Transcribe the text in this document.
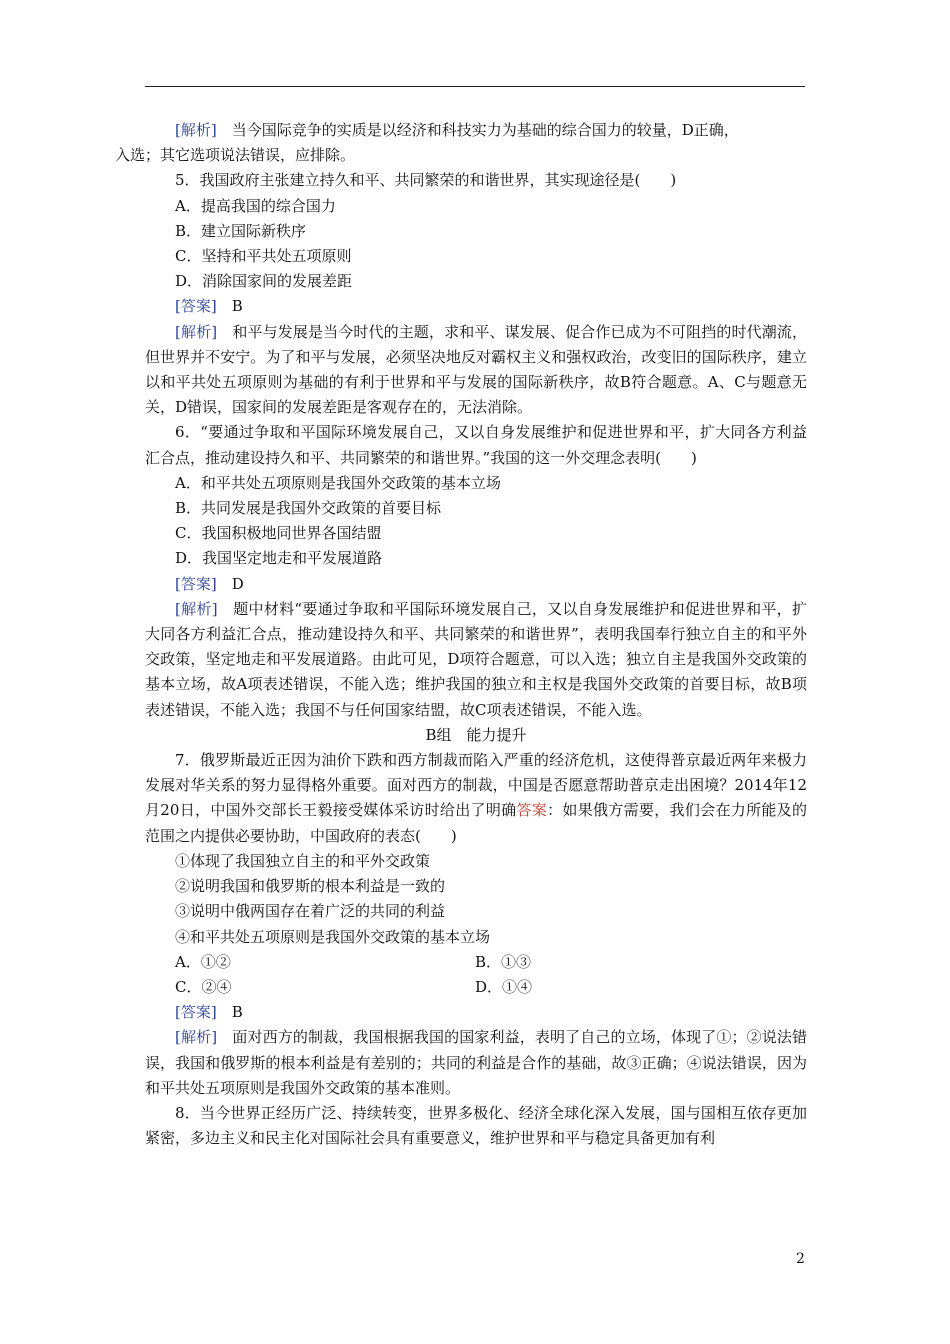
[解析]　 当今国际竞争的实质是以经济和科技实力为基础的综合国力的较量，D正确，
入选；其它选项说法错误，应排除。

5．我国政府主张建立持久和平、共同繁荣的和谐世界，其实现途径是(　　)

A．提高我国的综合国力

B．建立国际新秩序

C．坚持和平共处五项原则

D．消除国家间的发展差距

[答案]　 B

[解析]　 和平与发展是当今时代的主题，求和平、谋发展、促合作已成为不可阻挡的时代潮流，但世界并不安宁。为了和平与发展，必须坚决地反对霸权主义和强权政治，改变旧的国际秩序，建立以和平共处五项原则为基础的有利于世界和平与发展的国际新秩序，故B符合题意。A、C与题意无关，D错误，国家间的发展差距是客观存在的，无法消除。

6．“要通过争取和平国际环境发展自己，又以自身发展维护和促进世界和平，扩大同各方利益汇合点，推动建设持久和平、共同繁荣的和谐世界。”我国的这一外交理念表明(　　)

A．和平共处五项原则是我国外交政策的基本立场

B．共同发展是我国外交政策的首要目标

C．我国积极地同世界各国结盟

D．我国坚定地走和平发展道路

[答案]　 D

[解析]　 题中材料“要通过争取和平国际环境发展自己，又以自身发展维护和促进世界和平，扩大同各方利益汇合点，推动建设持久和平、共同繁荣的和谐世界”，表明我国奉行独立自主的和平外交政策，坚定地走和平发展道路。由此可见，D项符合题意，可以入选；独立自主是我国外交政策的基本立场，故A项表述错误，不能入选；维护我国的独立和主权是我国外交政策的首要目标，故B项表述错误，不能入选；我国不与任何国家结盟，故C项表述错误，不能入选。

B组　能力提升

7．俄罗斯最近正因为油价下跌和西方制裁而陷入严重的经济危机，这使得普京最近两年来极力发展对华关系的努力显得格外重要。面对西方的制裁，中国是否愿意帮助普京走出困境？2014年12月20日，中国外交部长王毅接受媒体采访时给出了明确答案：如果俄方需要，我们会在力所能及的范围之内提供必要协助，中国政府的表态(　　)

①体现了我国独立自主的和平外交政策

②说明我国和俄罗斯的根本利益是一致的

③说明中俄两国存在着广泛的共同的利益

④和平共处五项原则是我国外交政策的基本立场

A．①②	B．①③
C．②④	D．①④

[答案]　 B

[解析]　 面对西方的制裁，我国根据我国的国家利益，表明了自己的立场，体现了①；②说法错误，我国和俄罗斯的根本利益是有差别的；共同的利益是合作的基础，故③正确；④说法错误，因为和平共处五项原则是我国外交政策的基本准则。

8．当今世界正经历广泛、持续转变，世界多极化、经济全球化深入发展，国与国相互依存更加紧密，多边主义和民主化对国际社会具有重要意义，维护世界和平与稳定具备更加有利

2
